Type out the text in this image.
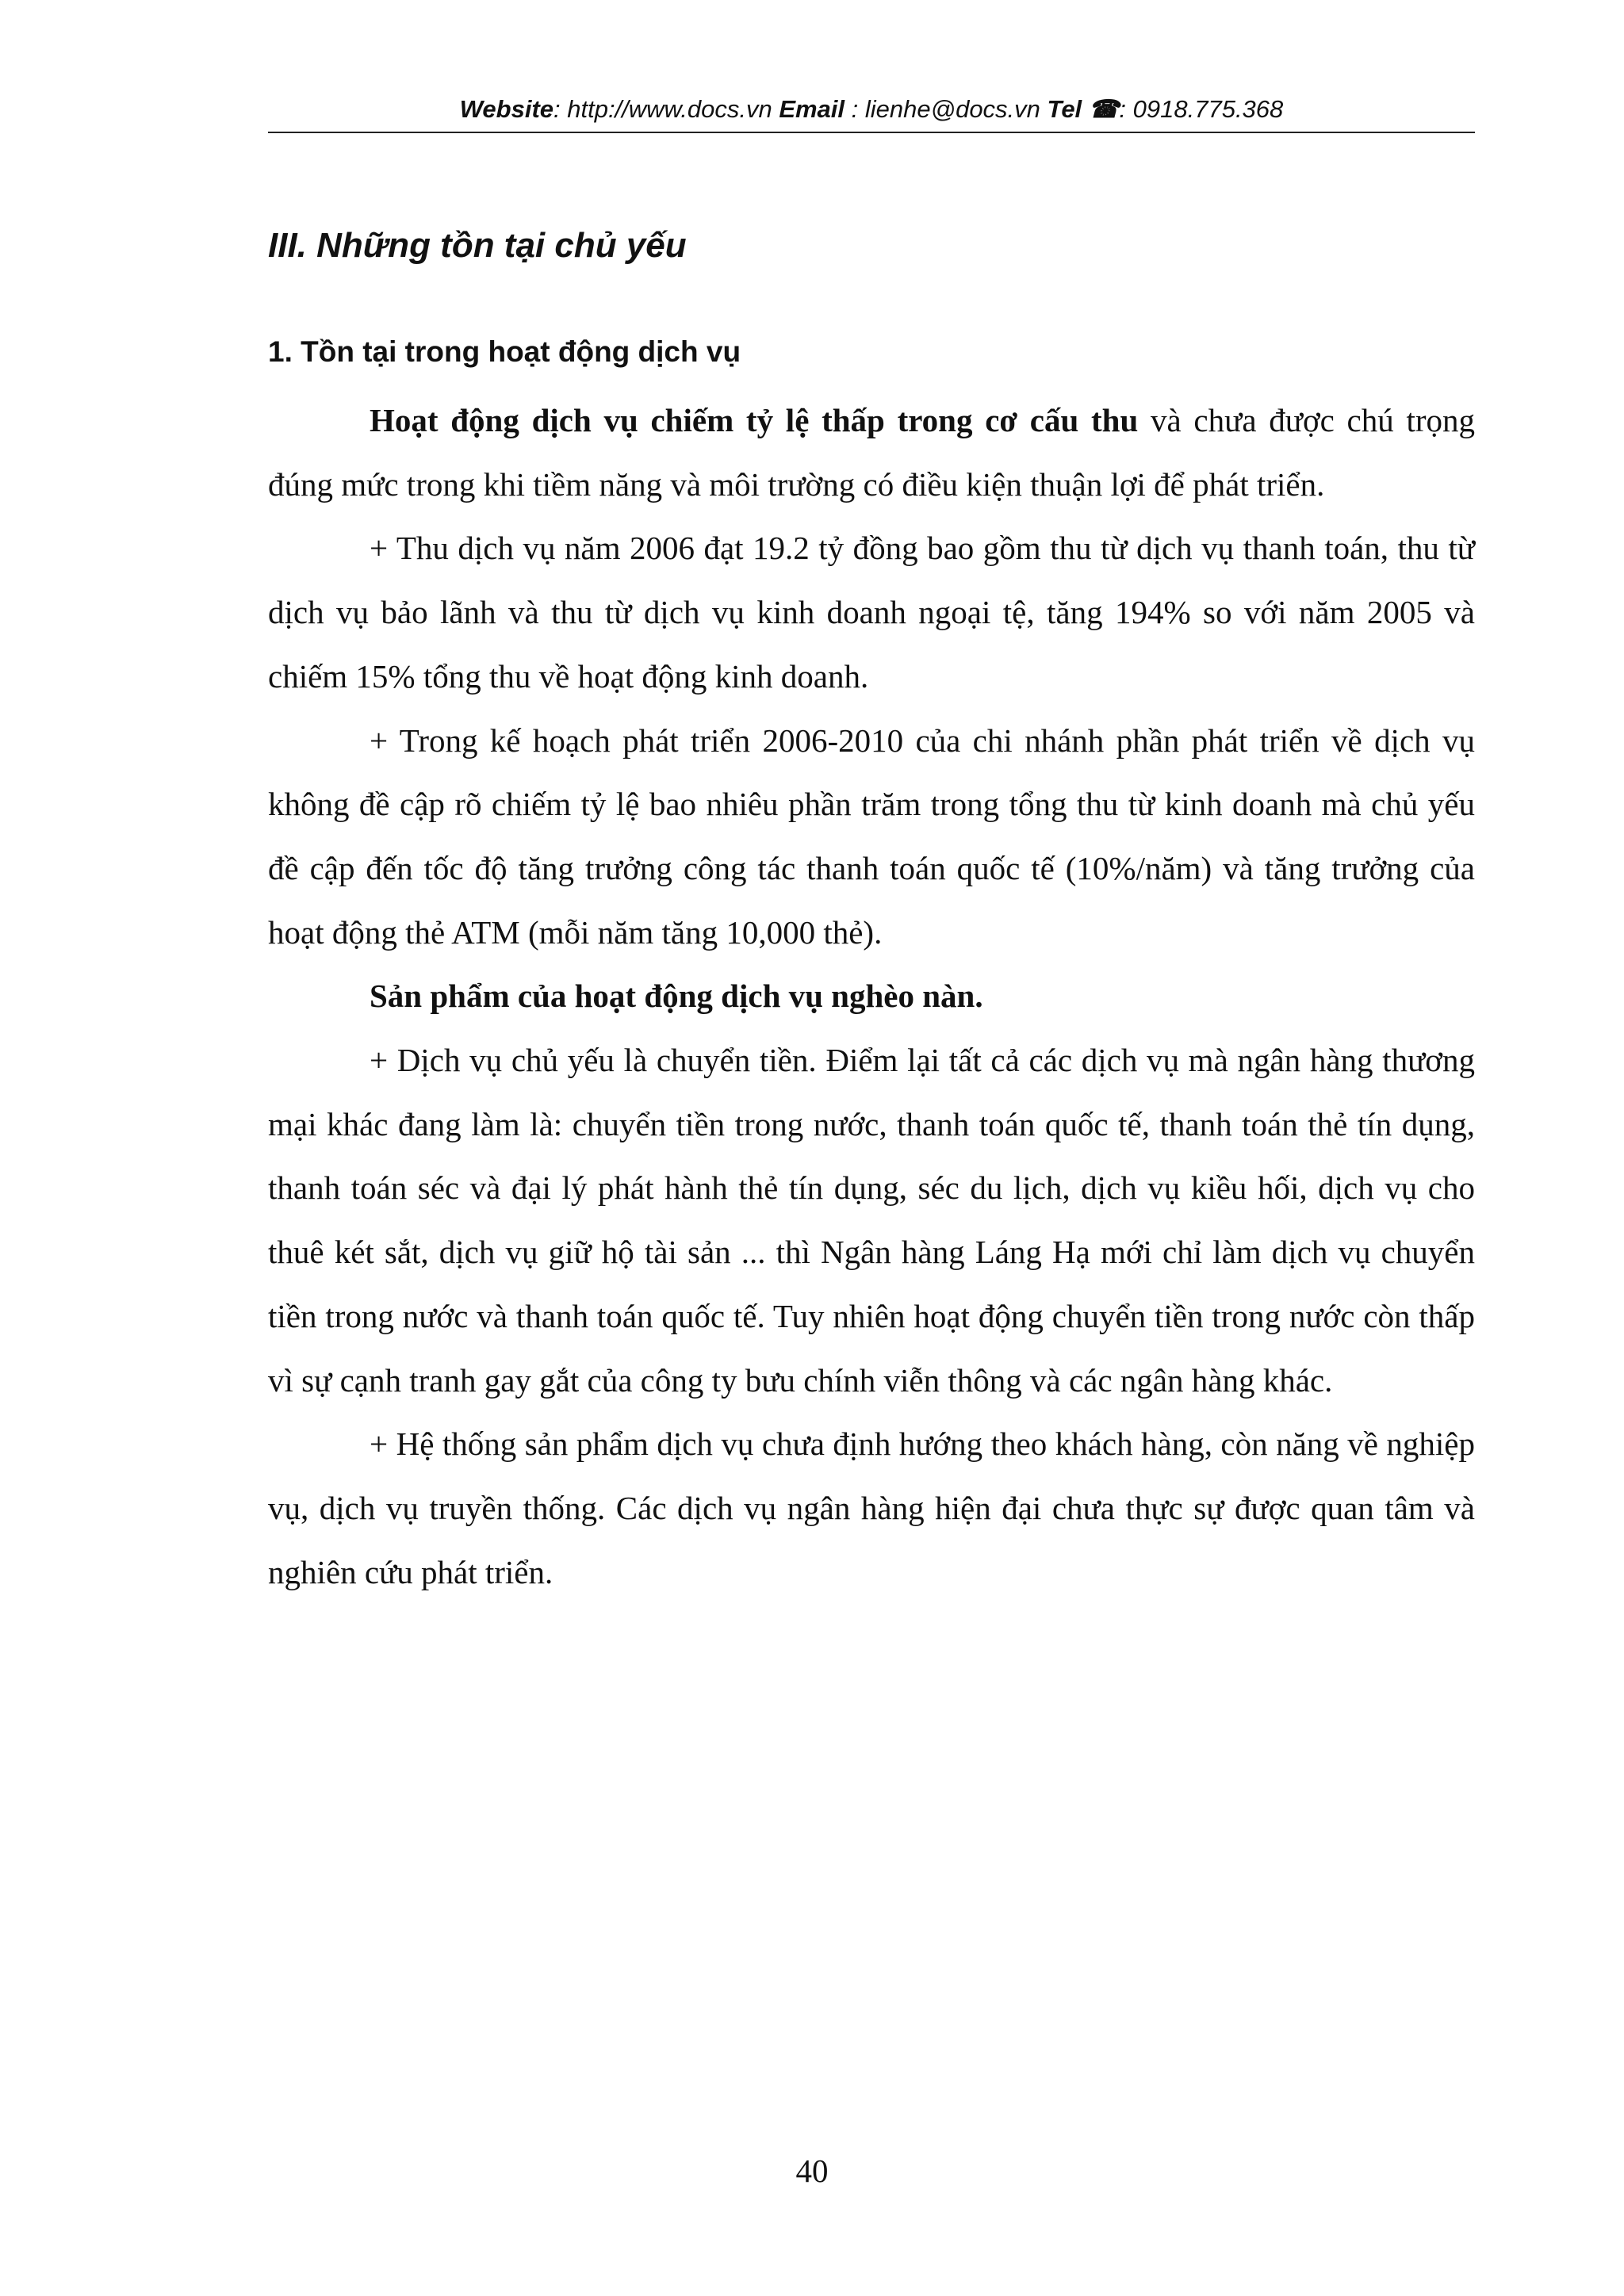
Website: http://www.docs.vn Email : lienhe@docs.vn Tel ☎: 0918.775.368
III. Những tồn tại chủ yếu
1. Tồn tại trong hoạt động dịch vụ

Hoạt động dịch vụ chiếm tỷ lệ thấp trong cơ cấu thu và chưa được chú trọng đúng mức trong khi tiềm năng và môi trường có điều kiện thuận lợi để phát triển.

+ Thu dịch vụ năm 2006 đạt 19.2 tỷ đồng bao gồm thu từ dịch vụ thanh toán, thu từ dịch vụ bảo lãnh và thu từ dịch vụ kinh doanh ngoại tệ, tăng 194% so với năm 2005 và chiếm 15% tổng thu về hoạt động kinh doanh.

+ Trong kế hoạch phát triển 2006-2010 của chi nhánh phần phát triển về dịch vụ không đề cập rõ chiếm tỷ lệ bao nhiêu phần trăm trong tổng thu từ kinh doanh mà chủ yếu đề cập đến tốc độ tăng trưởng công tác thanh toán quốc tế (10%/năm) và tăng trưởng của hoạt động thẻ ATM (mỗi năm tăng 10,000 thẻ).

Sản phẩm của hoạt động dịch vụ nghèo nàn.

+ Dịch vụ chủ yếu là chuyển tiền. Điểm lại tất cả các dịch vụ mà ngân hàng thương mại khác đang làm là: chuyển tiền trong nước, thanh toán quốc tế, thanh toán thẻ tín dụng, thanh toán séc và đại lý phát hành thẻ tín dụng, séc du lịch, dịch vụ kiều hối, dịch vụ cho thuê két sắt, dịch vụ giữ hộ tài sản ... thì Ngân hàng Láng Hạ mới chỉ làm dịch vụ chuyển tiền trong nước và thanh toán quốc tế. Tuy nhiên hoạt động chuyển tiền trong nước còn thấp vì sự cạnh tranh gay gắt của công ty bưu chính viễn thông và các ngân hàng khác.

+ Hệ thống sản phẩm dịch vụ chưa định hướng theo khách hàng, còn năng về nghiệp vụ, dịch vụ truyền thống. Các dịch vụ ngân hàng hiện đại chưa thực sự được quan tâm và nghiên cứu phát triển.

40
